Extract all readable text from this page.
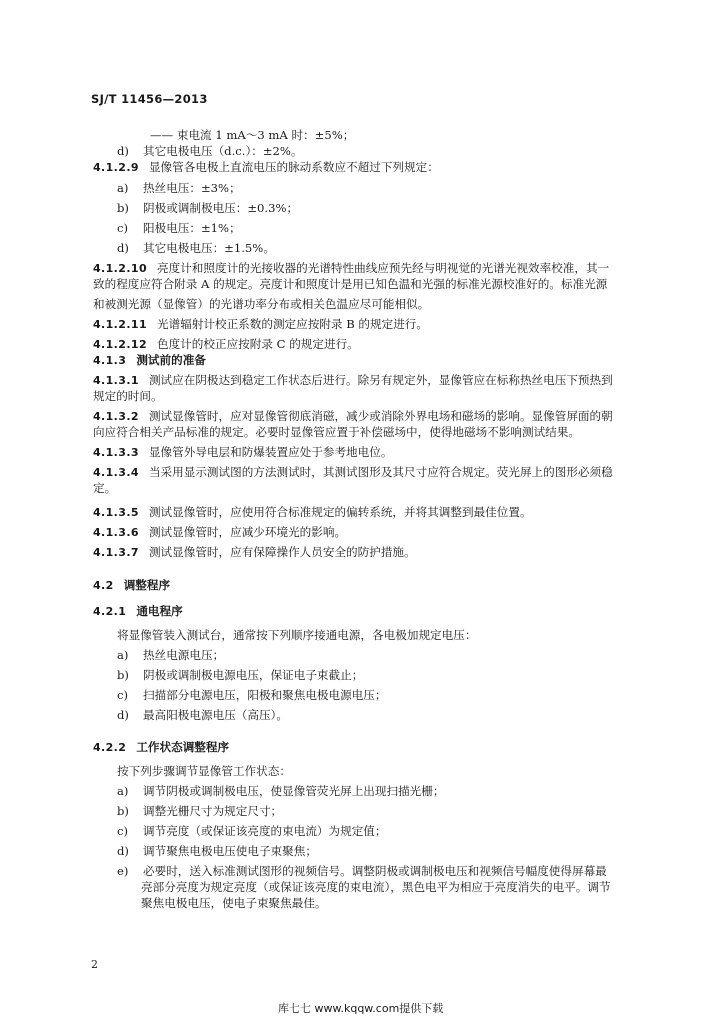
SJ/T 11456—2013
—— 束电流 1 mA～3 mA 时：±5%；
d) 其它电极电压（d.c.）：±2%。
4.1.2.9 显像管各电极上直流电压的脉动系数应不超过下列规定：
a) 热丝电压：±3%；
b) 阴极或调制极电压：±0.3%；
c) 阳极电压：±1%；
d) 其它电极电压：±1.5%。
4.1.2.10 亮度计和照度计的光接收器的光谱特性曲线应预先经与明视觉的光谱光视效率校准，其一
致的程度应符合附录 A 的规定。亮度计和照度计是用已知色温和光强的标准光源校准好的。标准光源
和被测光源（显像管）的光谱功率分布或相关色温应尽可能相似。
4.1.2.11 光谱辐射计校正系数的测定应按附录 B 的规定进行。
4.1.2.12 色度计的校正应按附录 C 的规定进行。
4.1.3 测试前的准备
4.1.3.1 测试应在阴极达到稳定工作状态后进行。除另有规定外，显像管应在标称热丝电压下预热到
规定的时间。
4.1.3.2 测试显像管时，应对显像管彻底消磁，减少或消除外界电场和磁场的影响。显像管屏面的朝
向应符合相关产品标准的规定。必要时显像管应置于补偿磁场中，使得地磁场不影响测试结果。
4.1.3.3 显像管外导电层和防爆装置应处于参考地电位。
4.1.3.4 当采用显示测试图的方法测试时，其测试图形及其尺寸应符合规定。荧光屏上的图形必须稳
定。
4.1.3.5 测试显像管时，应使用符合标准规定的偏转系统，并将其调整到最佳位置。
4.1.3.6 测试显像管时，应减少环境光的影响。
4.1.3.7 测试显像管时，应有保障操作人员安全的防护措施。
4.2 调整程序
4.2.1 通电程序
将显像管装入测试台，通常按下列顺序接通电源，各电极加规定电压：
a) 热丝电源电压；
b) 阴极或调制极电源电压，保证电子束截止；
c) 扫描部分电源电压，阳极和聚焦电极电源电压；
d) 最高阳极电源电压（高压）。
4.2.2 工作状态调整程序
按下列步骤调节显像管工作状态：
a) 调节阴极或调制极电压，使显像管荧光屏上出现扫描光栅；
b) 调整光栅尺寸为规定尺寸；
c) 调节亮度（或保证该亮度的束电流）为规定值；
d) 调节聚焦电极电压使电子束聚焦；
e) 必要时，送入标准测试图形的视频信号。调整阴极或调制极电压和视频信号幅度使得屏幕最
亮部分亮度为规定亮度（或保证该亮度的束电流），黑色电平为相应于亮度消失的电平。调节
聚焦电极电压，使电子束聚焦最佳。
2
库七七 www.kqqw.com提供下载
